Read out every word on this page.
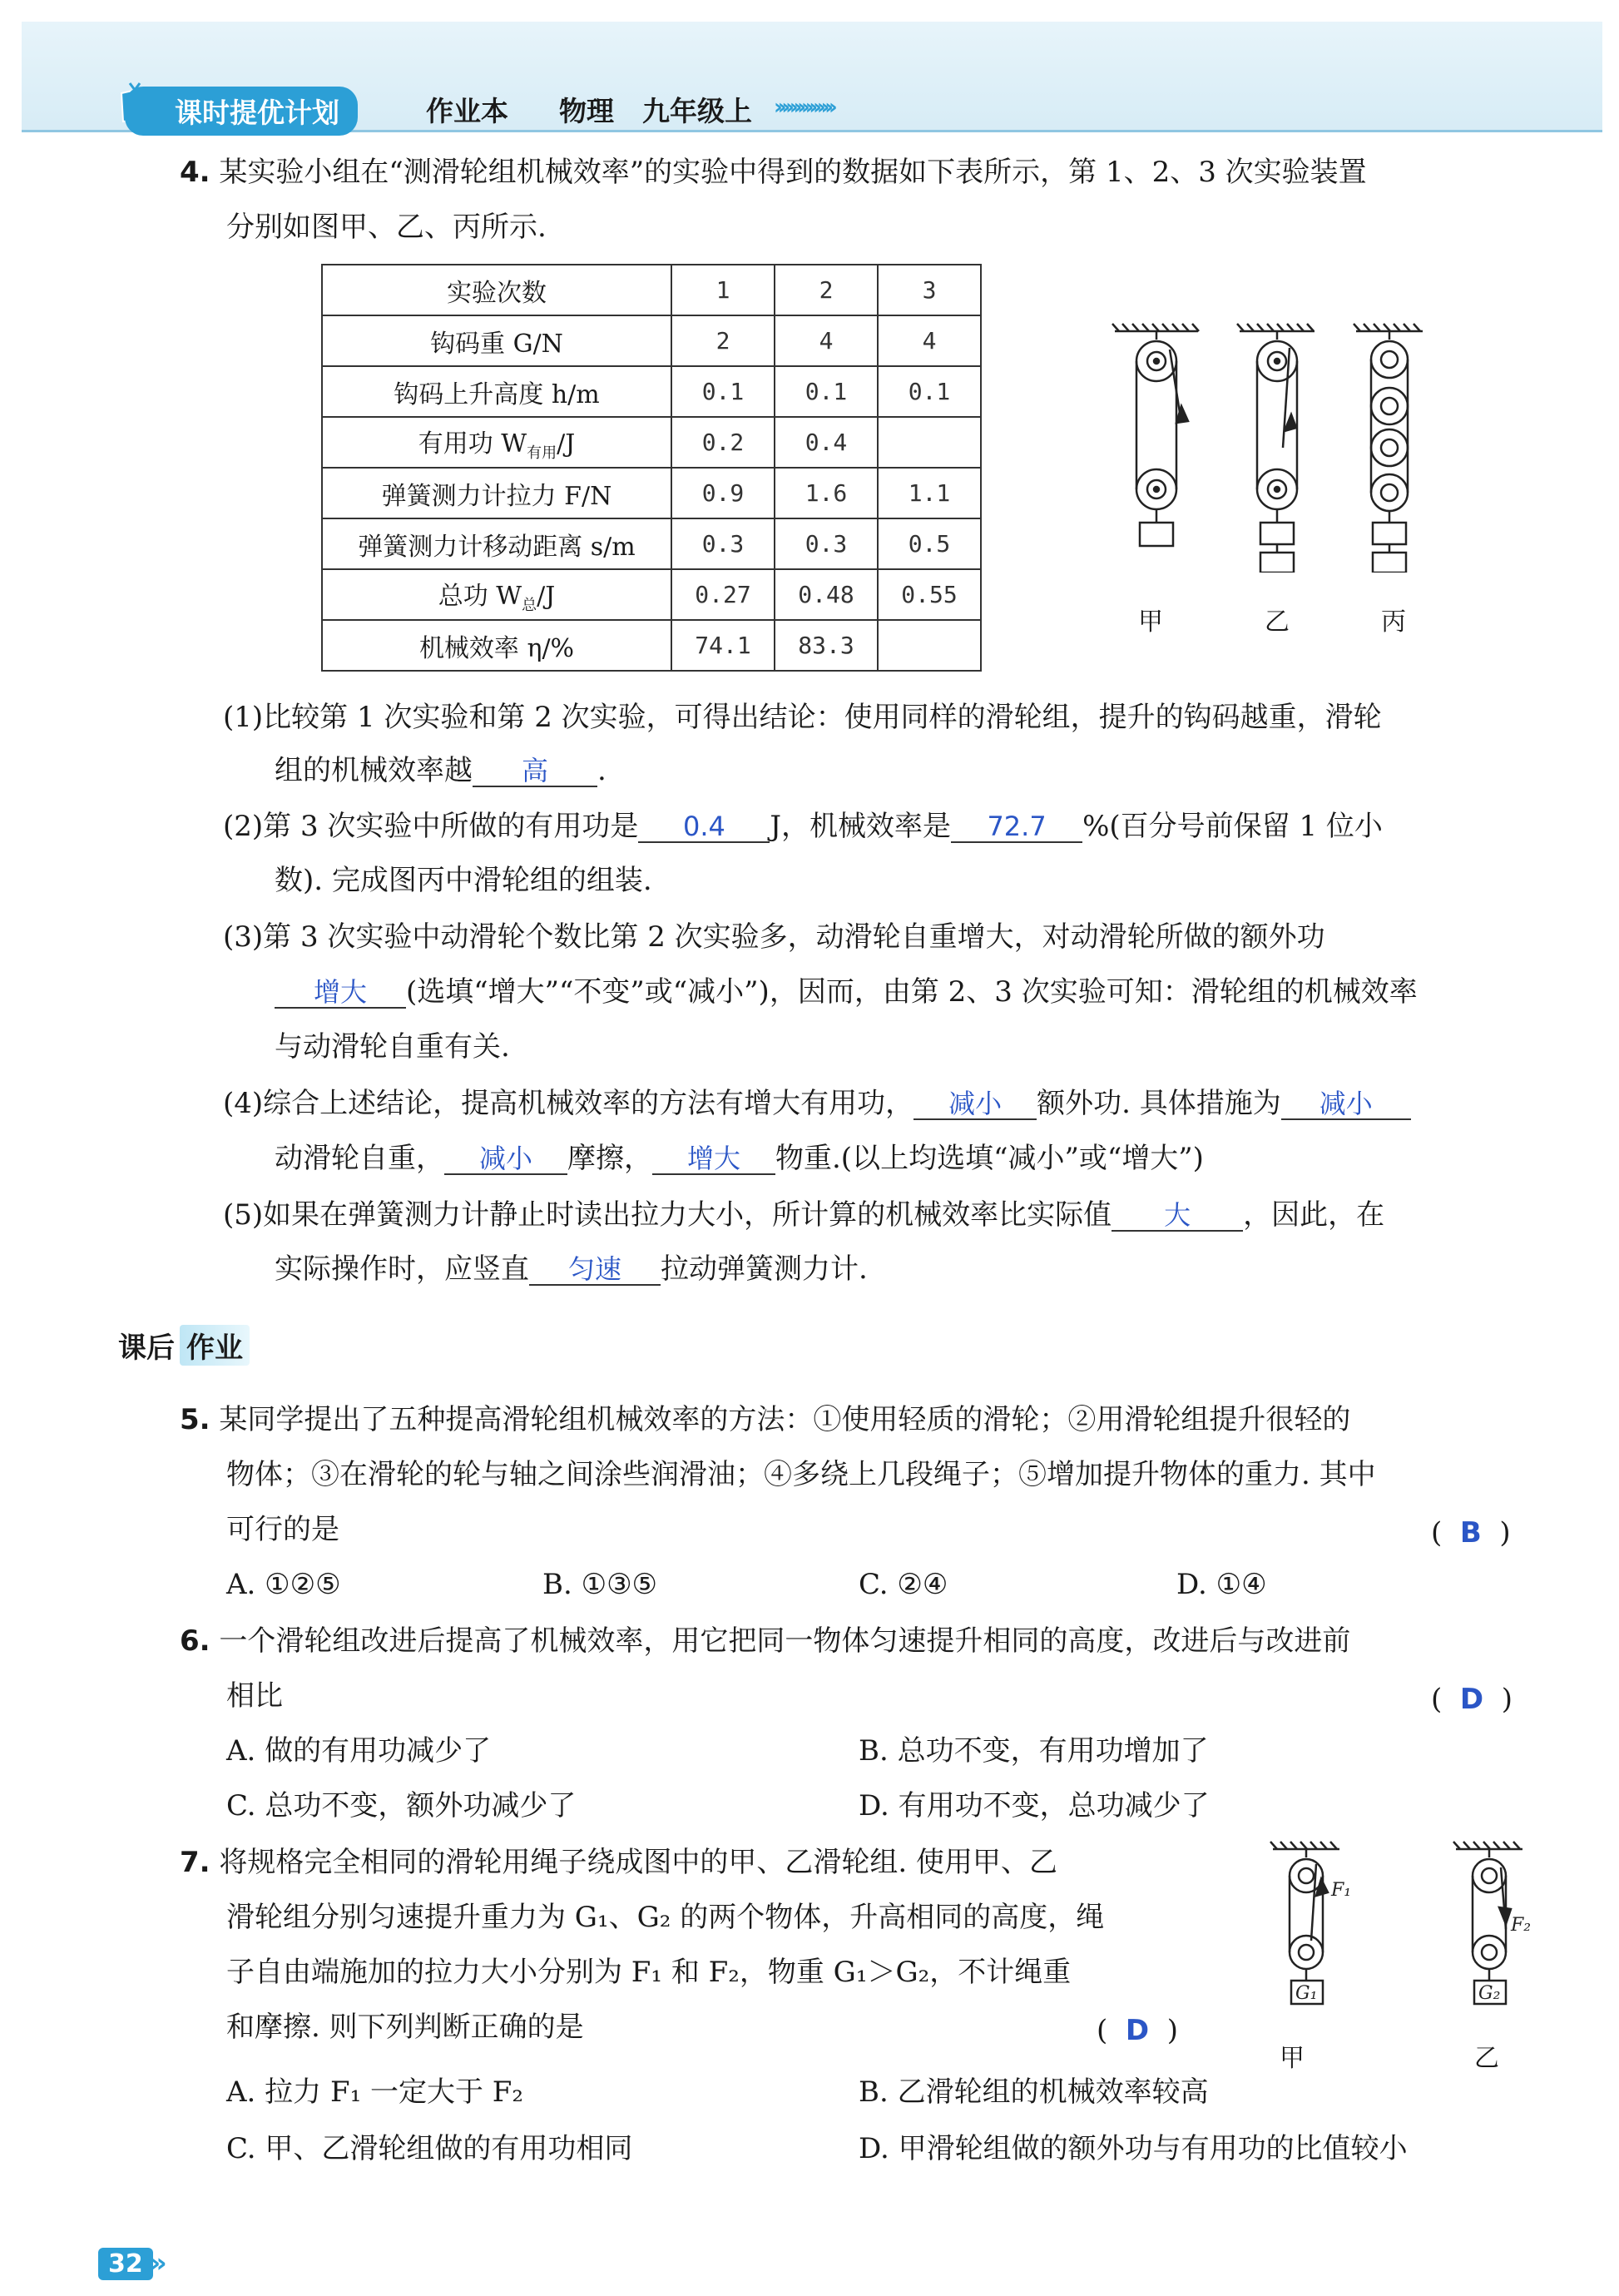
课时提优计划	作业本 物理 九年级上 ›››››››››››››››
4. 某实验小组在“测滑轮组机械效率”的实验中得到的数据如下表所示，第 1、2、3 次实验装置
分别如图甲、乙、丙所示.
实验次数	1	2	3
钩码重 G/N	2	4	4
钩码上升高度 h/m	0.1	0.1	0.1
有用功 $W_{有用}/J$	0.2	0.4	
弹簧测力计拉力 F/N	0.9	1.6	1.1
弹簧测力计移动距离 s/m	0.3	0.3	0.5
总功 $W_总/J$	0.27	0.48	0.55
机械效率 η/%	74.1	83.3	
甲	乙	丙
(1)比较第 1 次实验和第 2 次实验，可得出结论：使用同样的滑轮组，提升的钩码越重，滑轮
组的机械效率越 高 .
(2)第 3 次实验中所做的有用功是 0.4 J，机械效率是 72.7 %(百分号前保留 1 位小
数). 完成图丙中滑轮组的组装.
(3)第 3 次实验中动滑轮个数比第 2 次实验多，动滑轮自重增大，对动滑轮所做的额外功
增大 (选填“增大”“不变”或“减小”)，因而，由第 2、3 次实验可知：滑轮组的机械效率
与动滑轮自重有关.
(4)综合上述结论，提高机械效率的方法有增大有用功， 减小 额外功. 具体措施为 减小
动滑轮自重， 减小 摩擦， 增大 物重.(以上均选填“减小”或“增大”)
(5)如果在弹簧测力计静止时读出拉力大小，所计算的机械效率比实际值 大 ，因此，在
实际操作时，应竖直 匀速 拉动弹簧测力计.
课后 作业
5. 某同学提出了五种提高滑轮组机械效率的方法：①使用轻质的滑轮；②用滑轮组提升很轻的
物体；③在滑轮的轮与轴之间涂些润滑油；④多绕上几段绳子；⑤增加提升物体的重力. 其中
可行的是	(  B  )
A. ①②⑤	B. ①③⑤	C. ②④	D. ①④
6. 一个滑轮组改进后提高了机械效率，用它把同一物体匀速提升相同的高度，改进后与改进前
相比	(  D  )
A. 做的有用功减少了	B. 总功不变，有用功增加了
C. 总功不变，额外功减少了	D. 有用功不变，总功减少了
7. 将规格完全相同的滑轮用绳子绕成图中的甲、乙滑轮组. 使用甲、乙
滑轮组分别匀速提升重力为 G₁、G₂ 的两个物体，升高相同的高度，绳
子自由端施加的拉力大小分别为 F₁ 和 F₂，物重 G₁＞G₂，不计绳重
和摩擦. 则下列判断正确的是	(  D  )
A. 拉力 F₁ 一定大于 F₂	B. 乙滑轮组的机械效率较高
C. 甲、乙滑轮组做的有用功相同	D. 甲滑轮组做的额外功与有用功的比值较小
F₁
F₂
G₁	G₂
甲	乙
32 »
